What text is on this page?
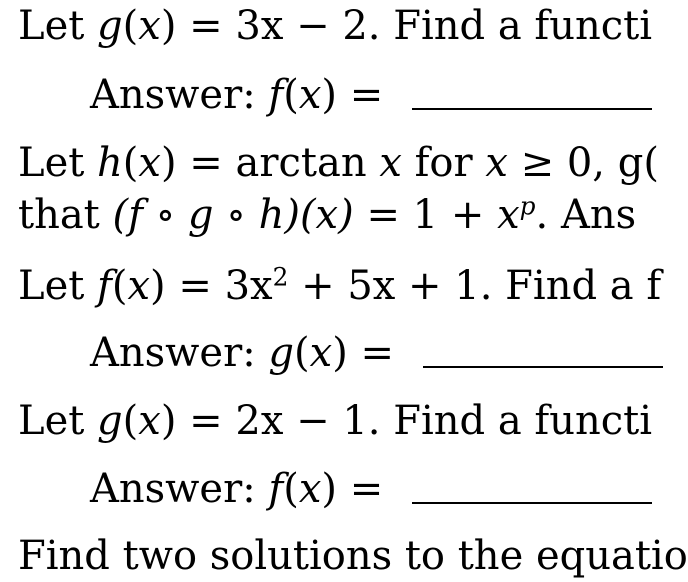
Let g(x) = 3x − 2. Find a functi
Answer: f(x) =
Let h(x) = arctan x for x ≥ 0, g(
that (f ∘ g ∘ $h)(x) = 1 + x^p$. Ans
Let $f(x) = 3x^2 + 5x + 1$. Find a f
Answer: g(x) =
Let g(x) = 2x − 1. Find a functi
Answer: f(x) =
Find two solutions to the equatio
